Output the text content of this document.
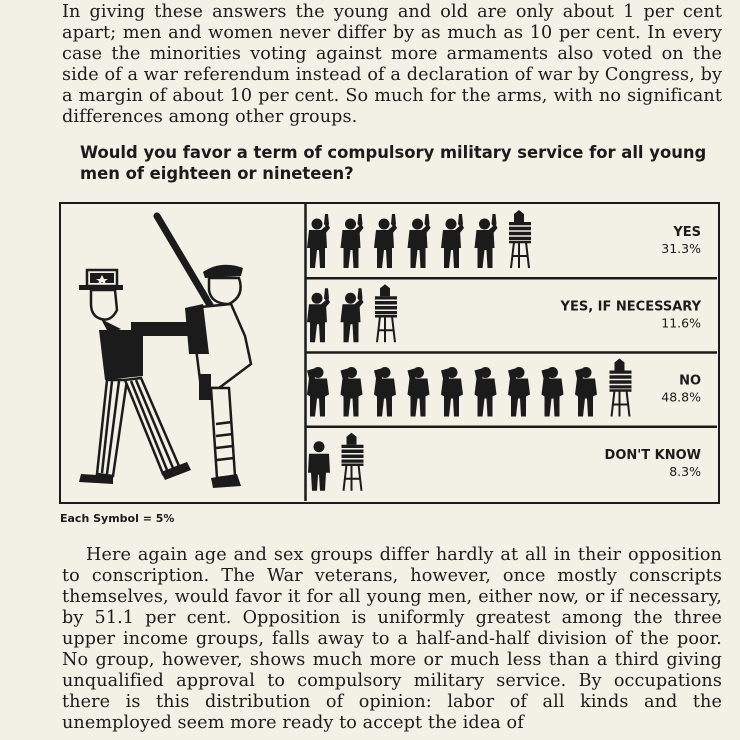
In giving these answers the young and old are only about 1 per cent apart; men and women never differ by as much as 10 per cent. In every case the minorities voting against more armaments also voted on the side of a war referendum instead of a declaration of war by Congress, by a margin of about 10 per cent. So much for the arms, with no significant differences among other groups.

Would you favor a term of compulsory military service for all young men of eighteen or nineteen?

YES
31.3%
YES, IF NECESSARY
11.6%
NO
48.8%
DON'T KNOW
8.3%
Each Symbol = 5%

Here again age and sex groups differ hardly at all in their opposition to conscription. The War veterans, however, once mostly conscripts themselves, would favor it for all young men, either now, or if necessary, by 51.1 per cent. Opposition is uniformly greatest among the three upper income groups, falls away to a half-and-half division of the poor. No group, however, shows much more or much less than a third giving unqualified approval to compulsory military service. By occupations there is this distribution of opinion: labor of all kinds and the unemployed seem more ready to accept the idea of
